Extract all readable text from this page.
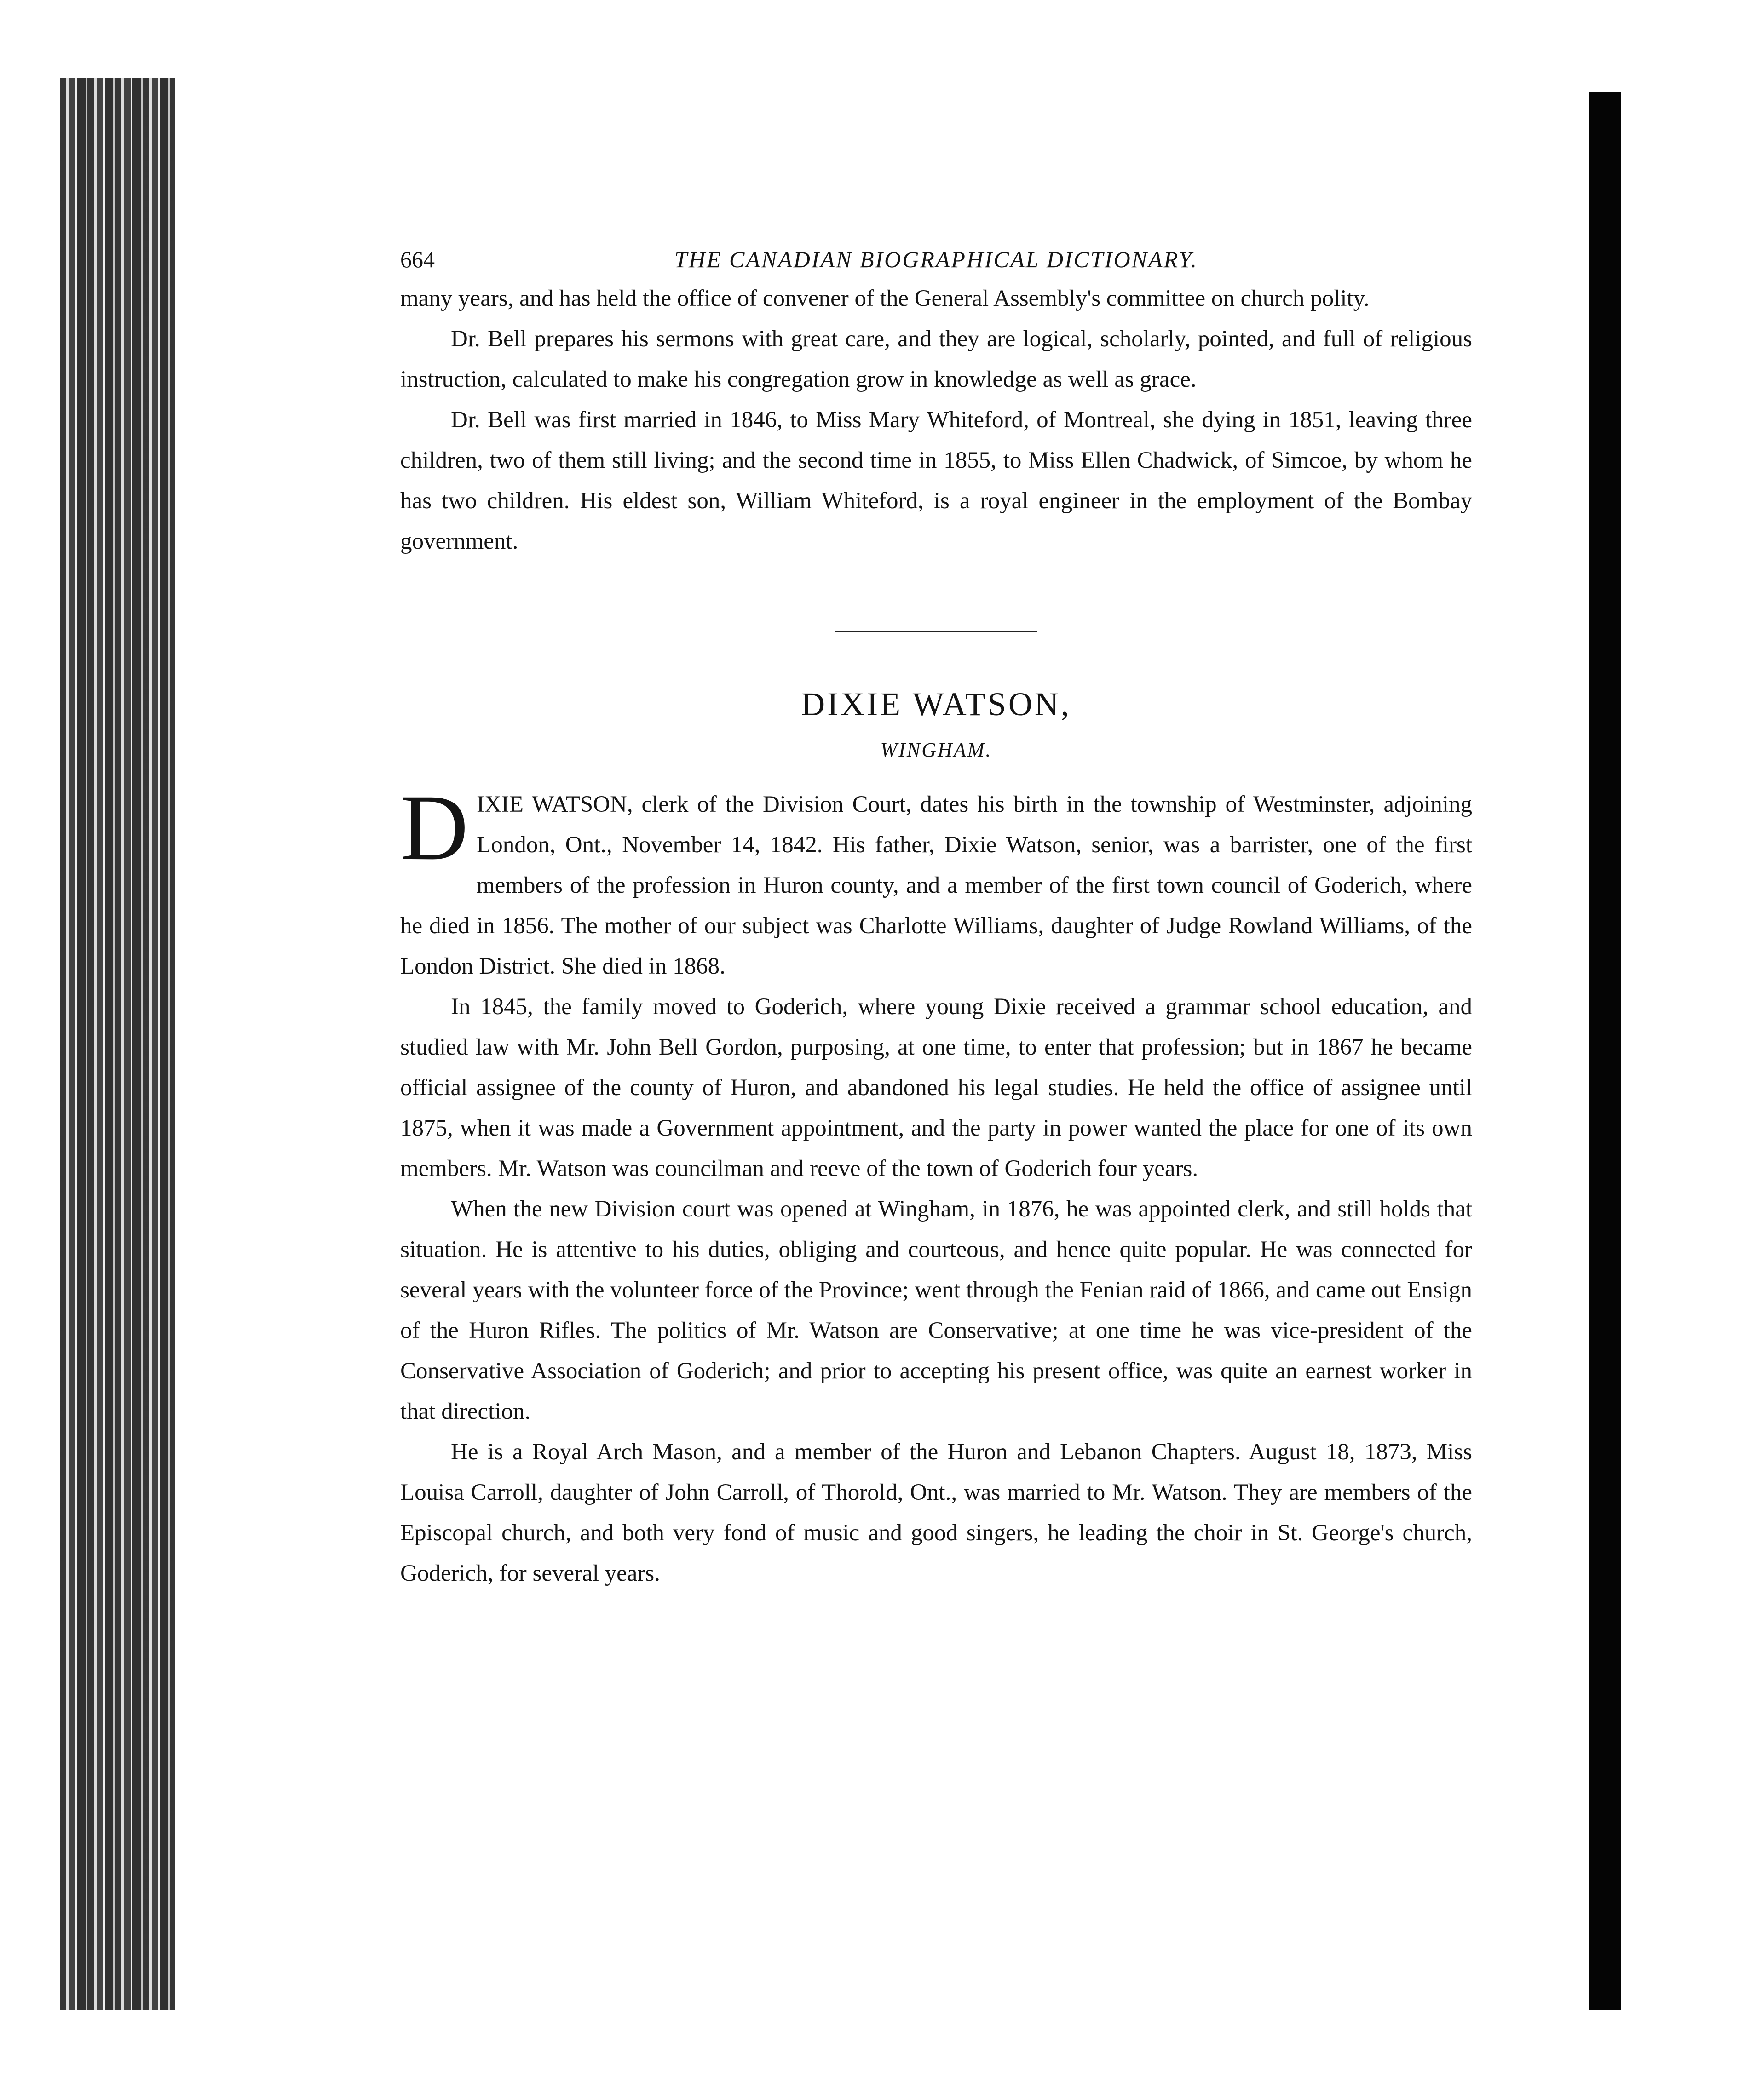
664	THE CANADIAN BIOGRAPHICAL DICTIONARY.

many years, and has held the office of convener of the General Assembly's committee on church polity.

Dr. Bell prepares his sermons with great care, and they are logical, scholarly, pointed, and full of religious instruction, calculated to make his congregation grow in knowledge as well as grace.

Dr. Bell was first married in 1846, to Miss Mary Whiteford, of Montreal, she dying in 1851, leaving three children, two of them still living; and the second time in 1855, to Miss Ellen Chadwick, of Simcoe, by whom he has two children. His eldest son, William Whiteford, is a royal engineer in the employment of the Bombay government.

DIXIE WATSON,
WINGHAM.

DIXIE WATSON, clerk of the Division Court, dates his birth in the township of Westminster, adjoining London, Ont., November 14, 1842. His father, Dixie Watson, senior, was a barrister, one of the first members of the profession in Huron county, and a member of the first town council of Goderich, where he died in 1856. The mother of our subject was Charlotte Williams, daughter of Judge Rowland Williams, of the London District. She died in 1868.

In 1845, the family moved to Goderich, where young Dixie received a grammar school education, and studied law with Mr. John Bell Gordon, purposing, at one time, to enter that profession; but in 1867 he became official assignee of the county of Huron, and abandoned his legal studies. He held the office of assignee until 1875, when it was made a Government appointment, and the party in power wanted the place for one of its own members. Mr. Watson was councilman and reeve of the town of Goderich four years.

When the new Division court was opened at Wingham, in 1876, he was appointed clerk, and still holds that situation. He is attentive to his duties, obliging and courteous, and hence quite popular. He was connected for several years with the volunteer force of the Province; went through the Fenian raid of 1866, and came out Ensign of the Huron Rifles. The politics of Mr. Watson are Conservative; at one time he was vice-president of the Conservative Association of Goderich; and prior to accepting his present office, was quite an earnest worker in that direction.

He is a Royal Arch Mason, and a member of the Huron and Lebanon Chapters. August 18, 1873, Miss Louisa Carroll, daughter of John Carroll, of Thorold, Ont., was married to Mr. Watson. They are members of the Episcopal church, and both very fond of music and good singers, he leading the choir in St. George's church, Goderich, for several years.
